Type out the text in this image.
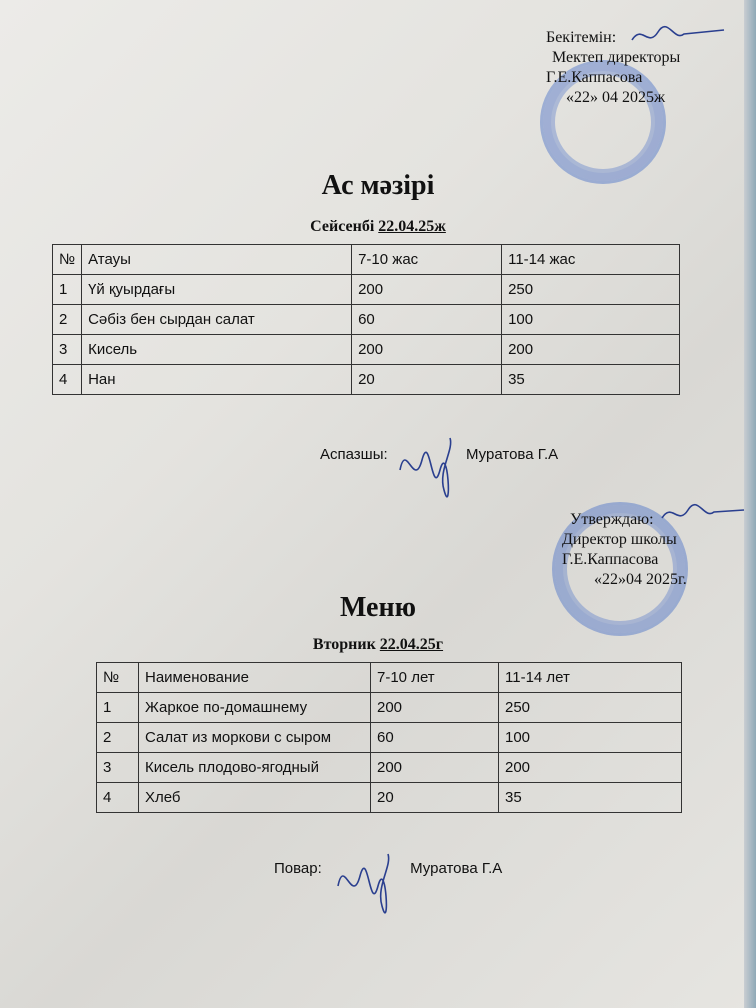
Бекітемін:
Мектеп директоры
Г.Е.Каппасова
«22» 04 2025ж
Ас мәзірі
Сейсенбі 22.04.25ж
№	Атауы	7-10 жас	11-14 жас
1	Үй қуырдағы	200	250
2	Сәбіз бен сырдан салат	60	100
3	Кисель	200	200
4	Нан	20	35
Аспазшы:	Муратова Г.А
Утверждаю:
Директор школы
Г.Е.Каппасова
«22»04 2025г.
Меню
Вторник 22.04.25г
№	Наименование	7-10 лет	11-14 лет
1	Жаркое по-домашнему	200	250
2	Салат из моркови с сыром	60	100
3	Кисель плодово-ягодный	200	200
4	Хлеб	20	35
Повар:	Муратова Г.А
